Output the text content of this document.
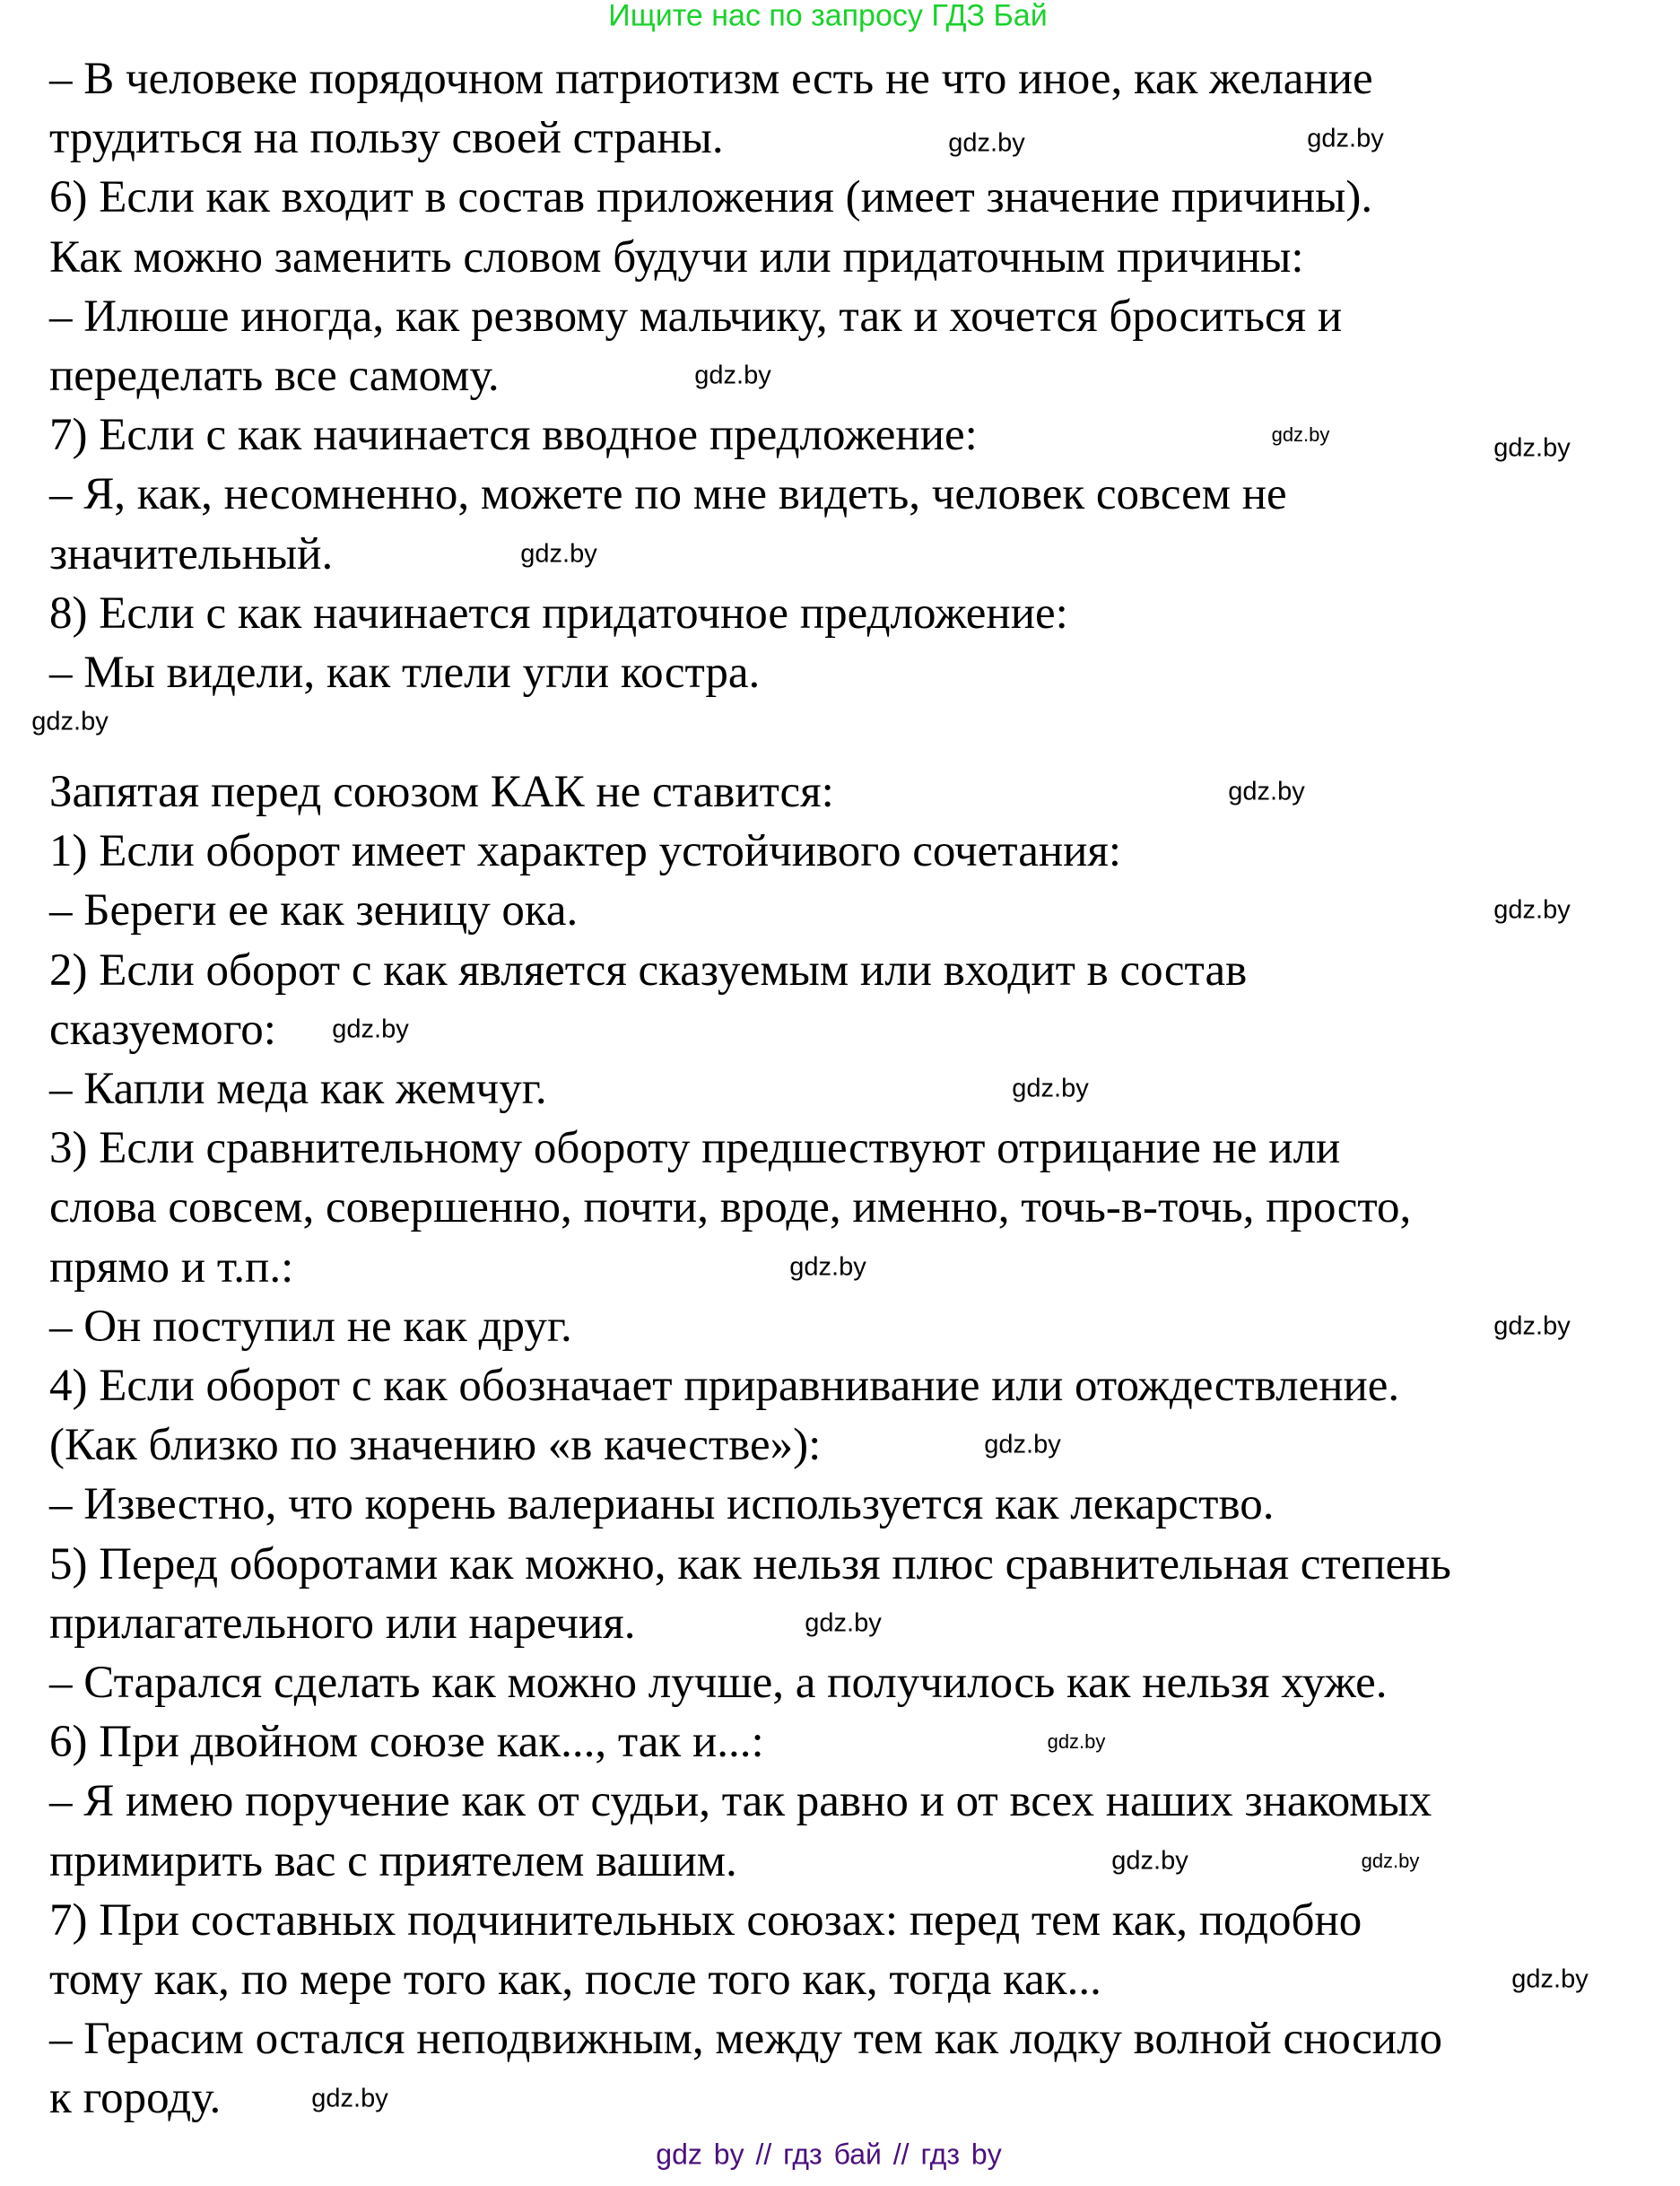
Ищите нас по запросу ГДЗ Бай
– В человеке порядочном патриотизм есть не что иное, как желание
трудиться на пользу своей страны.
6) Если как входит в состав приложения (имеет значение причины).
Как можно заменить словом будучи или придаточным причины:
– Илюше иногда, как резвому мальчику, так и хочется броситься и
переделать все самому.
7) Если с как начинается вводное предложение:
– Я, как, несомненно, можете по мне видеть, человек совсем не
значительный.
8) Если с как начинается придаточное предложение:
– Мы видели, как тлели угли костра.
Запятая перед союзом КАК не ставится:
1) Если оборот имеет характер устойчивого сочетания:
– Береги ее как зеницу ока.
2) Если оборот с как является сказуемым или входит в состав
сказуемого:
– Капли меда как жемчуг.
3) Если сравнительному обороту предшествуют отрицание не или
слова совсем, совершенно, почти, вроде, именно, точь-в-точь, просто,
прямо и т.п.:
– Он поступил не как друг.
4) Если оборот с как обозначает приравнивание или отождествление.
(Как близко по значению «в качестве»):
– Известно, что корень валерианы используется как лекарство.
5) Перед оборотами как можно, как нельзя плюс сравнительная степень
прилагательного или наречия.
– Старался сделать как можно лучше, а получилось как нельзя хуже.
6) При двойном союзе как..., так и...:
– Я имею поручение как от судьи, так равно и от всех наших знакомых
примирить вас с приятелем вашим.
7) При составных подчинительных союзах: перед тем как, подобно
тому как, по мере того как, после того как, тогда как...
– Герасим остался неподвижным, между тем как лодку волной сносило
к городу.
gdz.by	gdz.by
gdz.by
gdz.by
gdz.by
gdz.by
gdz.by
gdz.by
gdz.by
gdz.by
gdz.by
gdz.by
gdz.by
gdz.by
gdz.by
gdz.by
gdz.by
gdz.by
gdz.by
gdz.by
gdz by // гдз бай // гдз by
